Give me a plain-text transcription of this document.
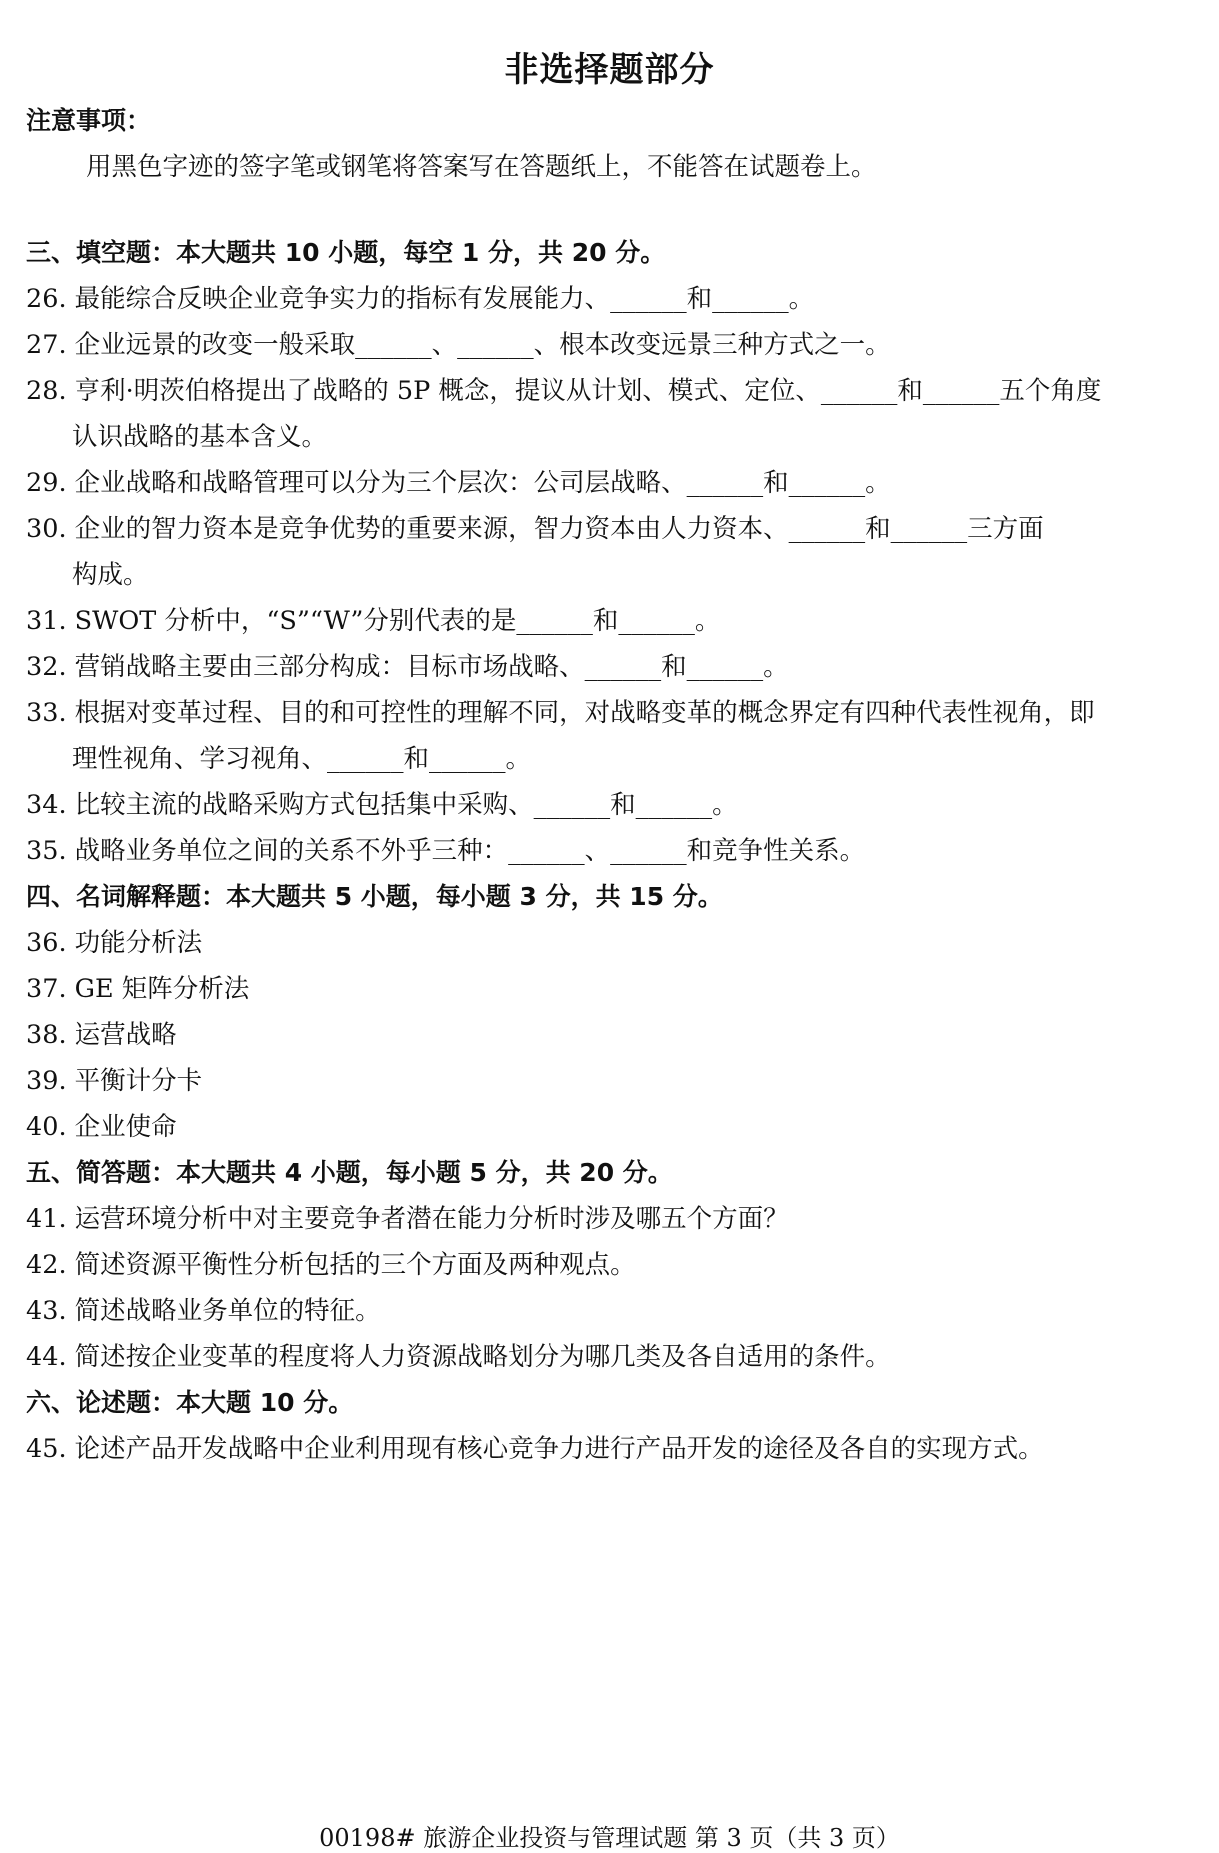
非选择题部分
注意事项：
用黑色字迹的签字笔或钢笔将答案写在答题纸上，不能答在试题卷上。
三、填空题：本大题共 10 小题，每空 1 分，共 20 分。
26. 最能综合反映企业竞争实力的指标有发展能力、______和______。
27. 企业远景的改变一般采取______、______、根本改变远景三种方式之一。
28. 亨利·明茨伯格提出了战略的 5P 概念，提议从计划、模式、定位、______和______五个角度
认识战略的基本含义。
29. 企业战略和战略管理可以分为三个层次：公司层战略、______和______。
30. 企业的智力资本是竞争优势的重要来源，智力资本由人力资本、______和______三方面
构成。
31. SWOT 分析中，“S”“W”分别代表的是______和______。
32. 营销战略主要由三部分构成：目标市场战略、______和______。
33. 根据对变革过程、目的和可控性的理解不同，对战略变革的概念界定有四种代表性视角，即
理性视角、学习视角、______和______。
34. 比较主流的战略采购方式包括集中采购、______和______。
35. 战略业务单位之间的关系不外乎三种：______、______和竞争性关系。
四、名词解释题：本大题共 5 小题，每小题 3 分，共 15 分。
36. 功能分析法
37. GE 矩阵分析法
38. 运营战略
39. 平衡计分卡
40. 企业使命
五、简答题：本大题共 4 小题，每小题 5 分，共 20 分。
41. 运营环境分析中对主要竞争者潜在能力分析时涉及哪五个方面？
42. 简述资源平衡性分析包括的三个方面及两种观点。
43. 简述战略业务单位的特征。
44. 简述按企业变革的程度将人力资源战略划分为哪几类及各自适用的条件。
六、论述题：本大题 10 分。
45. 论述产品开发战略中企业利用现有核心竞争力进行产品开发的途径及各自的实现方式。
00198# 旅游企业投资与管理试题 第 3 页（共 3 页）
